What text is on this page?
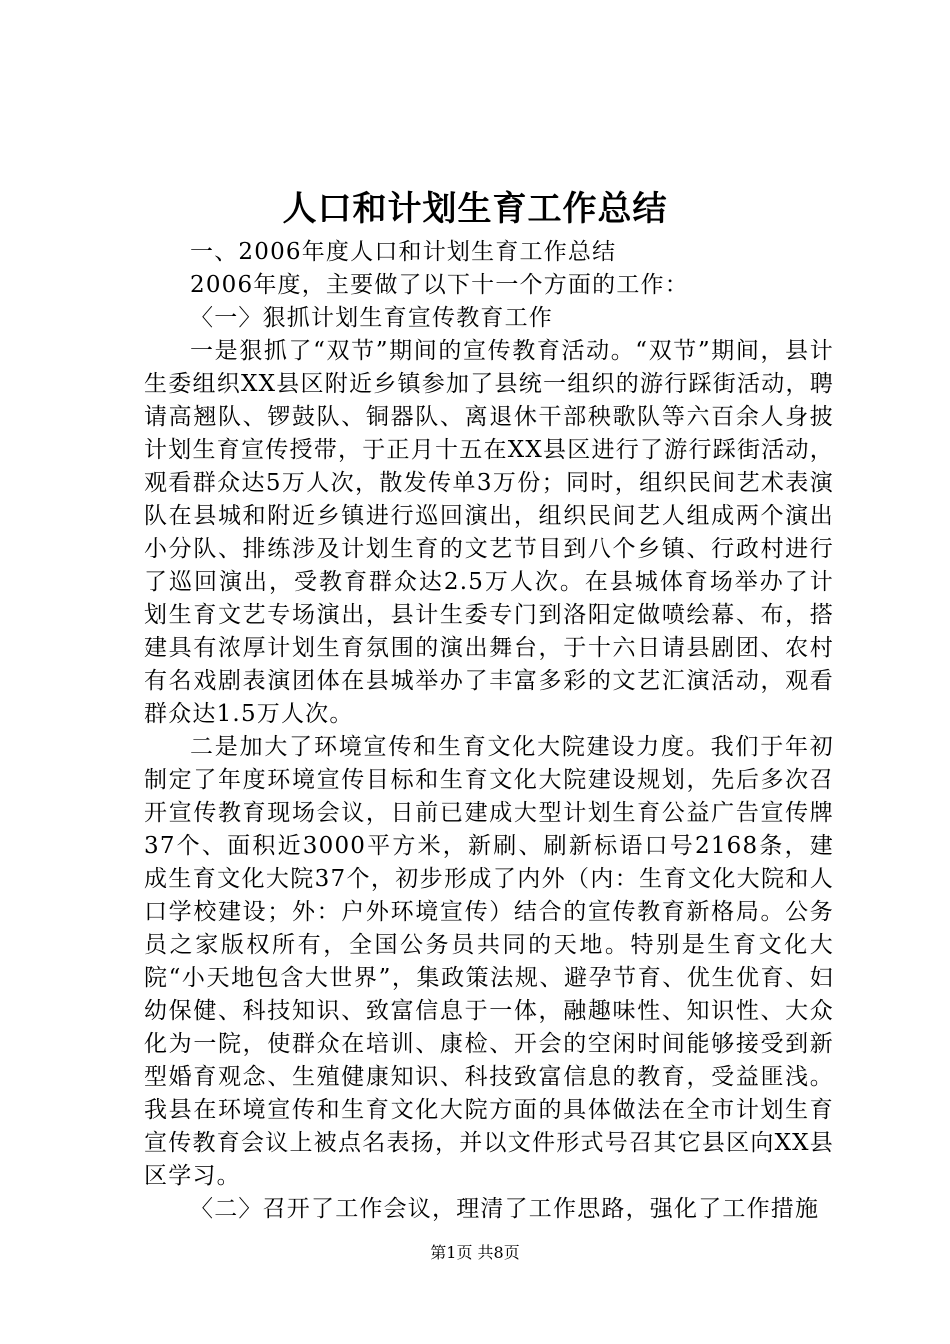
人口和计划生育工作总结

一、2006年度人口和计划生育工作总结

2006年度，主要做了以下十一个方面的工作：

〈一〉狠抓计划生育宣传教育工作

一是狠抓了“双节”期间的宣传教育活动。“双节”期间，县计生委组织XX县区附近乡镇参加了县统一组织的游行踩街活动，聘请高翘队、锣鼓队、铜器队、离退休干部秧歌队等六百余人身披计划生育宣传授带，于正月十五在XX县区进行了游行踩街活动，观看群众达5万人次，散发传单3万份；同时，组织民间艺术表演队在县城和附近乡镇进行巡回演出，组织民间艺人组成两个演出小分队、排练涉及计划生育的文艺节目到八个乡镇、行政村进行了巡回演出，受教育群众达2.5万人次。在县城体育场举办了计划生育文艺专场演出，县计生委专门到洛阳定做喷绘幕、布，搭建具有浓厚计划生育氛围的演出舞台，于十六日请县剧团、农村有名戏剧表演团体在县城举办了丰富多彩的文艺汇演活动，观看群众达1.5万人次。

二是加大了环境宣传和生育文化大院建设力度。我们于年初制定了年度环境宣传目标和生育文化大院建设规划，先后多次召开宣传教育现场会议，日前已建成大型计划生育公益广告宣传牌37个、面积近3000平方米，新刷、刷新标语口号2168条，建成生育文化大院37个，初步形成了内外（内：生育文化大院和人口学校建设；外：户外环境宣传）结合的宣传教育新格局。公务员之家版权所有，全国公务员共同的天地。特别是生育文化大院“小天地包含大世界”，集政策法规、避孕节育、优生优育、妇幼保健、科技知识、致富信息于一体，融趣味性、知识性、大众化为一院，使群众在培训、康检、开会的空闲时间能够接受到新型婚育观念、生殖健康知识、科技致富信息的教育，受益匪浅。我县在环境宣传和生育文化大院方面的具体做法在全市计划生育宣传教育会议上被点名表扬，并以文件形式号召其它县区向XX县区学习。

〈二〉召开了工作会议，理清了工作思路，强化了工作措施

第1页 共8页
